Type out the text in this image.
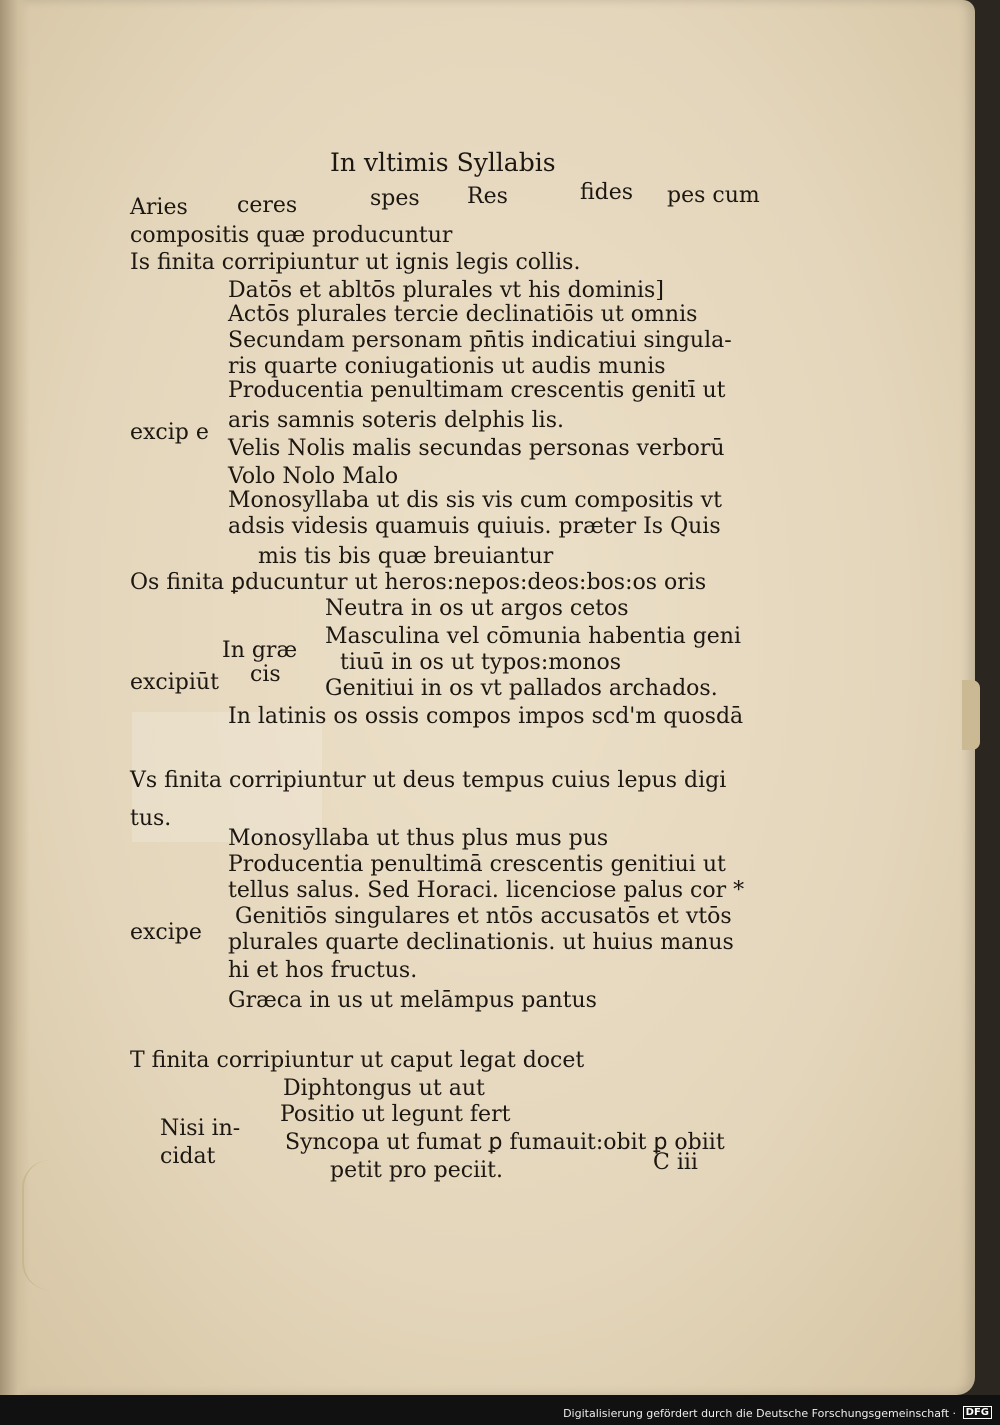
In vltimis Syllabis
Aries ceres	spes Res	fides pes cum
compositis quæ producuntur
Is finita corripiuntur ut ignis legis collis.
Datōs et abltōs plurales vt his dominis]
Actōs plurales tercie declinatiōis ut omnis
Secundam personam pn̄tis indicatiui singula-
ris quarte coniugationis ut audis munis
Producentia penultimam crescentis genitī ut
excip e aris samnis soteris delphis lis.
Velis Nolis malis secundas personas verborū
Volo Nolo Malo
Monosyllaba ut dis sis vis cum compositis vt
adsis videsis quamuis quiuis. præter Is Quis
mis tis bis quæ breuiantur
Os finita ꝑducuntur ut heros:nepos:deos:bos:os oris
Neutra in os ut argos cetos
In græ
Masculina vel cōmunia habentia geni
excipiūt cis	tiuū in os ut typos:monos
Genitiui in os vt pallados archados.
In latinis os ossis compos impos scd'm quosdā
Vs finita corripiuntur ut deus tempus cuius lepus digi
tus.
Monosyllaba ut thus plus mus pus
Producentia penultimā crescentis genitiui ut
tellus salus. Sed Horaci. licenciose palus cor *
excipe
Genitiōs singulares et ntōs accusatōs et vtōs
plurales quarte declinationis. ut huius manus
hi et hos fructus.
Græca in us ut melāmpus pantus
T finita corripiuntur ut caput legat docet
Diphtongus ut aut
Nisi in-
Positio ut legunt fert
cidat
Syncopa ut fumat ꝑ fumauit:obit ꝑ obiit
petit pro peciit.	C iii
Digitalisierung gefördert durch die Deutsche Forschungsgemeinschaft · DFG
